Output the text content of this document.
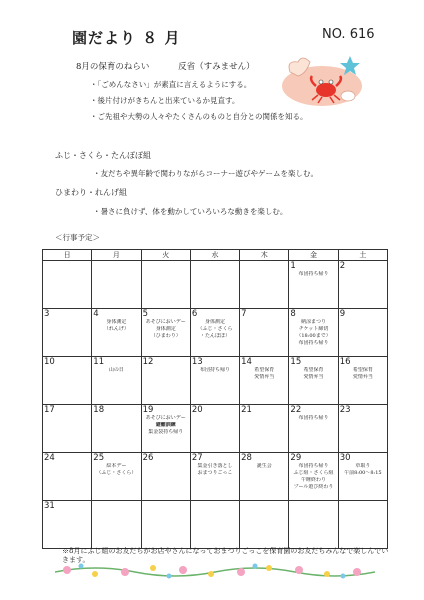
園だより ８ 月	NO. 616
8月の保育のねらい	反省（すみません）
・「ごめんなさい」が素直に言えるようにする。
・後片付けがきちんと出来ているか見直す。
・ご先祖や大勢の人々やたくさんのものと自分との関係を知る。
ふじ・さくら・たんぽぽ組
・友だちや異年齢で関わりながらコーナー遊びやゲームを楽しむ。
ひまわり・れんげ組
・暑さに負けず、体を動かしていろいろな動きを楽しむ。
＜行事予定＞
日	月	火	水	木	金	土

					1
布団持ち帰り	2

3	4
身体測定
（れんげ）	5
あそびにおいデー
身体測定
（ひまわり）	6
身体測定
（ふじ・さくら
・たんぽぽ）	7	8
納涼まつり
チケット締切
（18:00まで）
布団持ち帰り	9

10	11
山の日	12	13
布団持ち帰り	14
希望保育
愛情弁当	15
希望保育
愛情弁当	16
希望保育
愛情弁当

17	18	19
あそびにおいデー
避難訓練
集金袋持ち帰り	20	21	22
布団持ち帰り	23

24	25
絵本デー
（ふじ・さくら）	26	27
集金引き落とし
おまつりごっこ	28
誕生会	29
布団持ち帰り
ふじ組・さくら組
午睡終わり
プール遊び終わり	30
草取り
午前8:00～8:15

31						

※8月にふじ組のお友だちがお店やさんになっておまつりごっこを保育園のお友だちみんなで楽しんでいきます。
